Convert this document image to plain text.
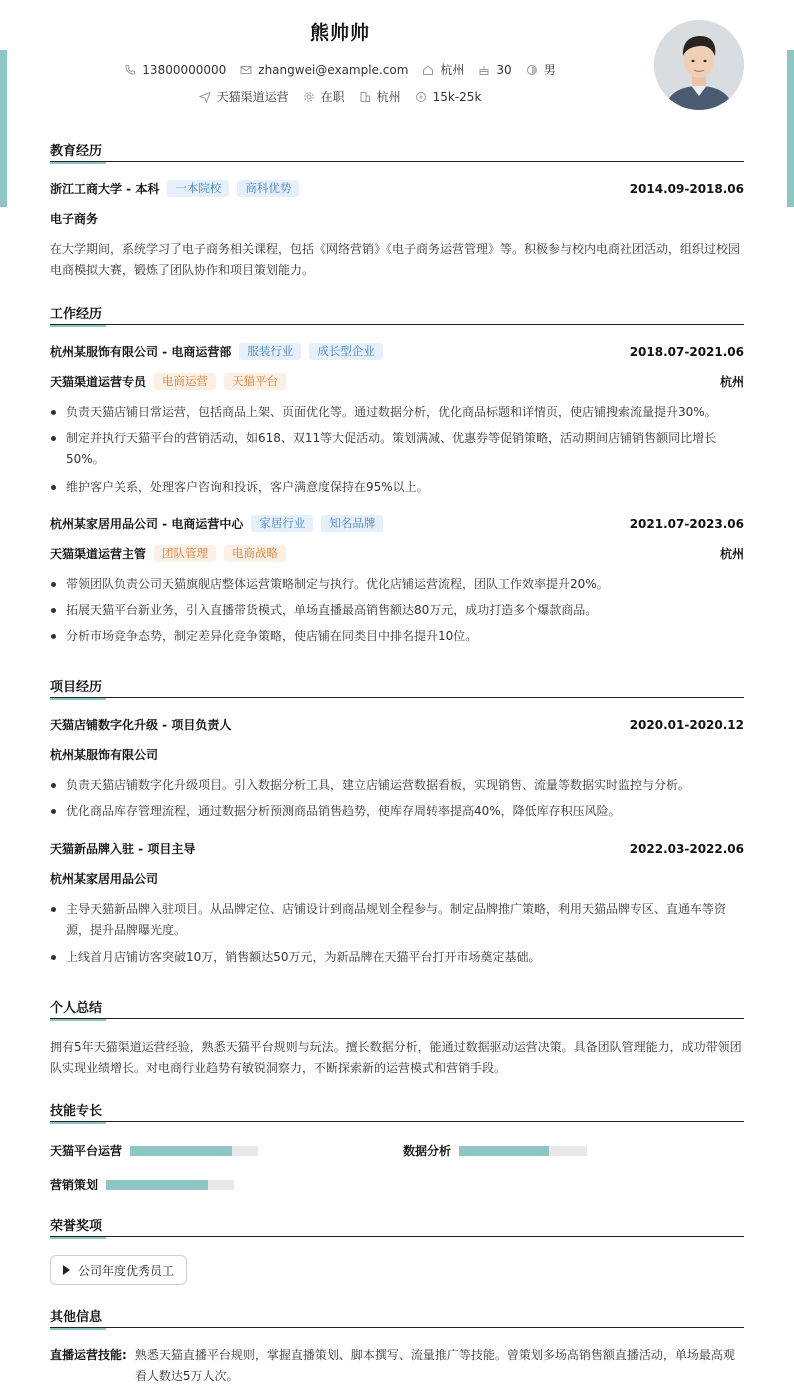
熊帅帅
13800000000	zhangwei@example.com	杭州	30	男
天猫渠道运营	在职	杭州	15k-25k
教育经历
浙江工商大学 - 本科	一本院校	商科优势	2014.09-2018.06
电子商务
在大学期间，系统学习了电子商务相关课程，包括《网络营销》《电子商务运营管理》等。积极参与校内电商社团活动，组织过校园电商模拟大赛，锻炼了团队协作和项目策划能力。
工作经历
杭州某服饰有限公司 - 电商运营部	服装行业	成长型企业	2018.07-2021.06
天猫渠道运营专员	电商运营	天猫平台	杭州
负责天猫店铺日常运营，包括商品上架、页面优化等。通过数据分析，优化商品标题和详情页，使店铺搜索流量提升30%。
制定并执行天猫平台的营销活动，如618、双11等大促活动。策划满减、优惠券等促销策略，活动期间店铺销售额同比增长50%。
维护客户关系，处理客户咨询和投诉，客户满意度保持在95%以上。
杭州某家居用品公司 - 电商运营中心	家居行业	知名品牌	2021.07-2023.06
天猫渠道运营主管	团队管理	电商战略	杭州
带领团队负责公司天猫旗舰店整体运营策略制定与执行。优化店铺运营流程，团队工作效率提升20%。
拓展天猫平台新业务，引入直播带货模式，单场直播最高销售额达80万元，成功打造多个爆款商品。
分析市场竞争态势，制定差异化竞争策略，使店铺在同类目中排名提升10位。
项目经历
天猫店铺数字化升级 - 项目负责人	2020.01-2020.12
杭州某服饰有限公司
负责天猫店铺数字化升级项目。引入数据分析工具，建立店铺运营数据看板，实现销售、流量等数据实时监控与分析。
优化商品库存管理流程，通过数据分析预测商品销售趋势，使库存周转率提高40%，降低库存积压风险。
天猫新品牌入驻 - 项目主导	2022.03-2022.06
杭州某家居用品公司
主导天猫新品牌入驻项目。从品牌定位、店铺设计到商品规划全程参与。制定品牌推广策略，利用天猫品牌专区、直通车等资源，提升品牌曝光度。
上线首月店铺访客突破10万，销售额达50万元，为新品牌在天猫平台打开市场奠定基础。
个人总结
拥有5年天猫渠道运营经验，熟悉天猫平台规则与玩法。擅长数据分析，能通过数据驱动运营决策。具备团队管理能力，成功带领团队实现业绩增长。对电商行业趋势有敏锐洞察力，不断探索新的运营模式和营销手段。
技能专长
天猫平台运营	数据分析
营销策划
荣誉奖项
公司年度优秀员工
其他信息
直播运营技能: 熟悉天猫直播平台规则，掌握直播策划、脚本撰写、流量推广等技能。曾策划多场高销售额直播活动，单场最高观看人数达5万人次。
